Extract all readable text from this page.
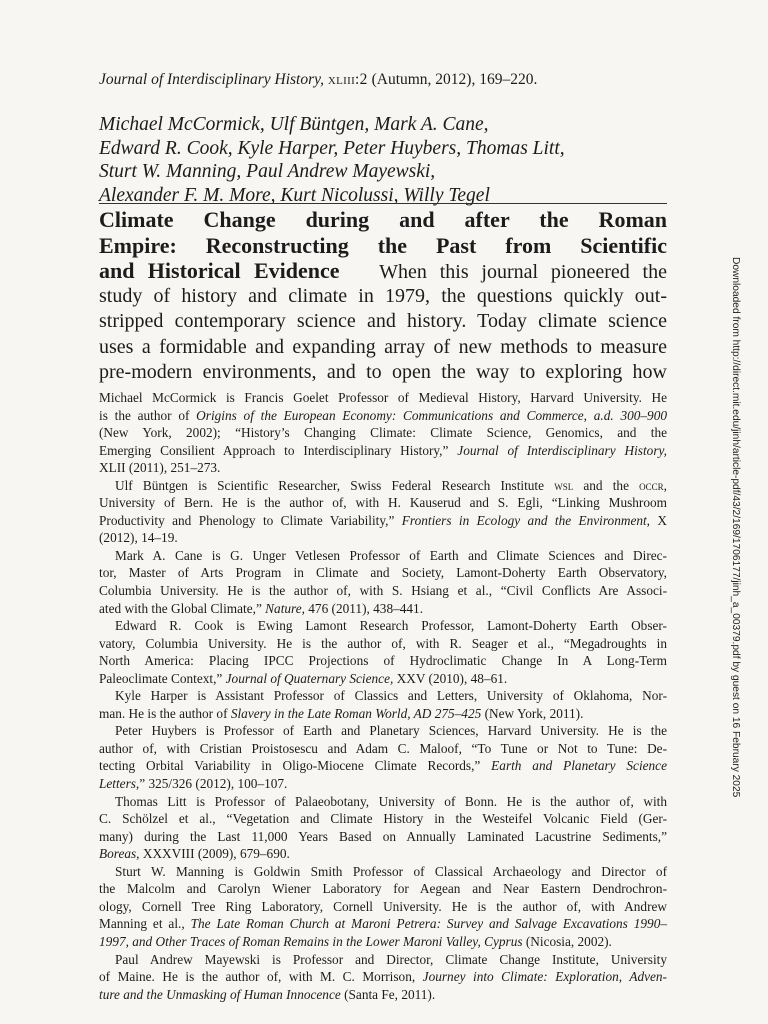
Journal of Interdisciplinary History, xliii:2 (Autumn, 2012), 169–220.
Michael McCormick, Ulf Büntgen, Mark A. Cane,
Edward R. Cook, Kyle Harper, Peter Huybers, Thomas Litt,
Sturt W. Manning, Paul Andrew Mayewski,
Alexander F. M. More, Kurt Nicolussi, Willy Tegel
Climate Change during and after the Roman
Empire: Reconstructing the Past from Scientific
and Historical Evidence When this journal pioneered the
study of history and climate in 1979, the questions quickly out-
stripped contemporary science and history. Today climate science
uses a formidable and expanding array of new methods to measure
pre-modern environments, and to open the way to exploring how
Michael McCormick is Francis Goelet Professor of Medieval History, Harvard University. He
is the author of Origins of the European Economy: Communications and Commerce, a.d. 300–900
(New York, 2002); “History’s Changing Climate: Climate Science, Genomics, and the
Emerging Consilient Approach to Interdisciplinary History,” Journal of Interdisciplinary History,
XLII (2011), 251–273.
Ulf Büntgen is Scientific Researcher, Swiss Federal Research Institute wsl and the occr,
University of Bern. He is the author of, with H. Kauserud and S. Egli, “Linking Mushroom
Productivity and Phenology to Climate Variability,” Frontiers in Ecology and the Environment, X
(2012), 14–19.
Mark A. Cane is G. Unger Vetlesen Professor of Earth and Climate Sciences and Direc-
tor, Master of Arts Program in Climate and Society, Lamont-Doherty Earth Observatory,
Columbia University. He is the author of, with S. Hsiang et al., “Civil Conflicts Are Associ-
ated with the Global Climate,” Nature, 476 (2011), 438–441.
Edward R. Cook is Ewing Lamont Research Professor, Lamont-Doherty Earth Obser-
vatory, Columbia University. He is the author of, with R. Seager et al., “Megadroughts in
North America: Placing IPCC Projections of Hydroclimatic Change In A Long-Term
Paleoclimate Context,” Journal of Quaternary Science, XXV (2010), 48–61.
Kyle Harper is Assistant Professor of Classics and Letters, University of Oklahoma, Nor-
man. He is the author of Slavery in the Late Roman World, AD 275–425 (New York, 2011).
Peter Huybers is Professor of Earth and Planetary Sciences, Harvard University. He is the
author of, with Cristian Proistosescu and Adam C. Maloof, “To Tune or Not to Tune: De-
tecting Orbital Variability in Oligo-Miocene Climate Records,” Earth and Planetary Science
Letters,” 325/326 (2012), 100–107.
Thomas Litt is Professor of Palaeobotany, University of Bonn. He is the author of, with
C. Schölzel et al., “Vegetation and Climate History in the Westeifel Volcanic Field (Ger-
many) during the Last 11,000 Years Based on Annually Laminated Lacustrine Sediments,”
Boreas, XXXVIII (2009), 679–690.
Sturt W. Manning is Goldwin Smith Professor of Classical Archaeology and Director of
the Malcolm and Carolyn Wiener Laboratory for Aegean and Near Eastern Dendrochron-
ology, Cornell Tree Ring Laboratory, Cornell University. He is the author of, with Andrew
Manning et al., The Late Roman Church at Maroni Petrera: Survey and Salvage Excavations 1990–
1997, and Other Traces of Roman Remains in the Lower Maroni Valley, Cyprus (Nicosia, 2002).
Paul Andrew Mayewski is Professor and Director, Climate Change Institute, University
of Maine. He is the author of, with M. C. Morrison, Journey into Climate: Exploration, Adven-
ture and the Unmasking of Human Innocence (Santa Fe, 2011).
Downloaded from http://direct.mit.edu/jinh/article-pdf/43/2/169/1706177/jinh_a_00379.pdf by guest on 16 February 2025
